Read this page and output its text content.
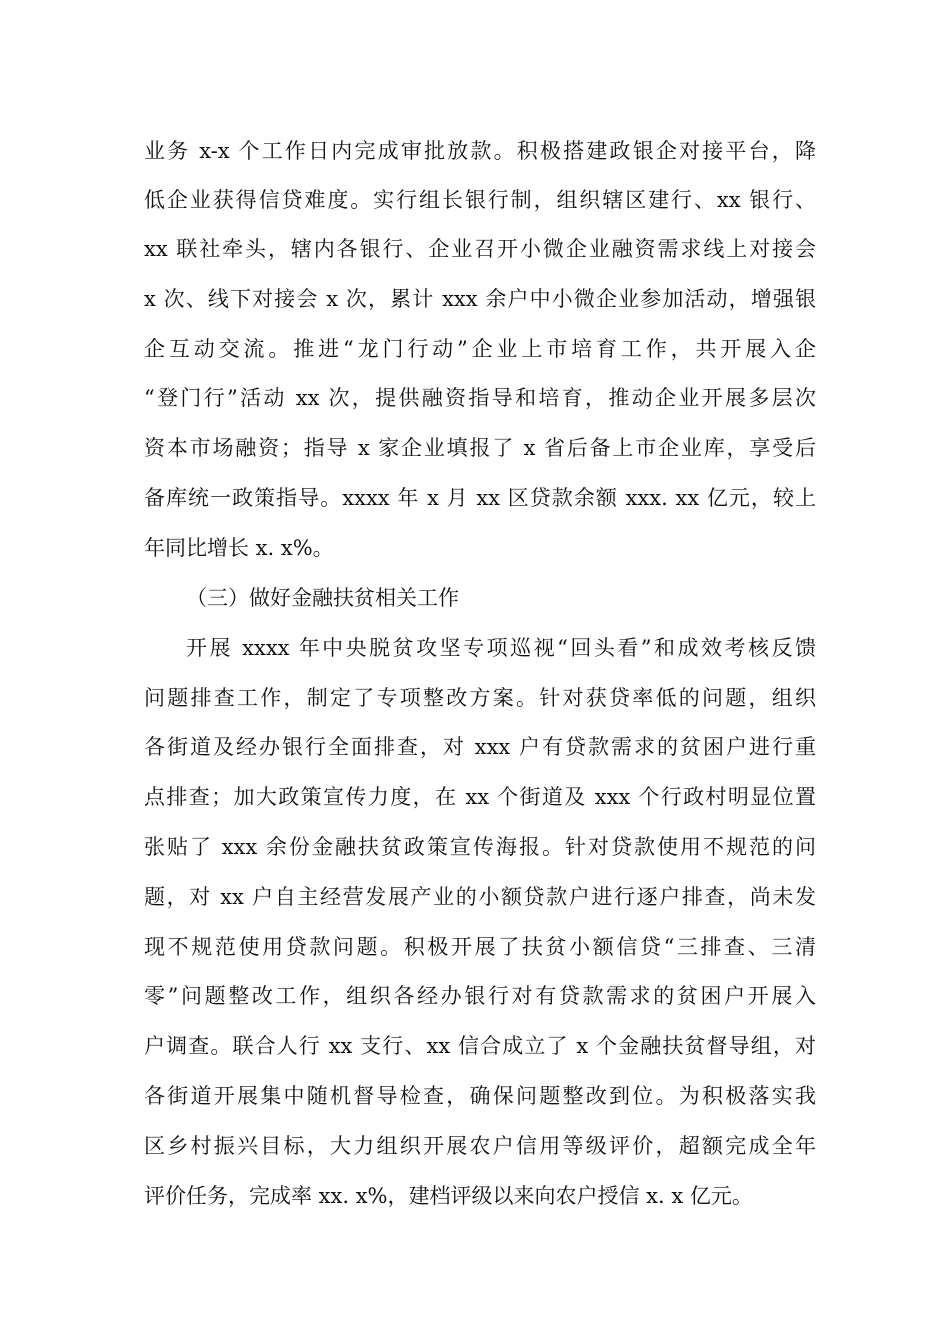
业务 x-x 个工作日内完成审批放款。积极搭建政银企对接平台，降
低企业获得信贷难度。实行组长银行制，组织辖区建行、xx 银行、
xx 联社牵头，辖内各银行、企业召开小微企业融资需求线上对接会
x 次、线下对接会 x 次，累计 xxx 余户中小微企业参加活动，增强银
企互动交流。推进“龙门行动”企业上市培育工作，共开展入企
“登门行”活动 xx 次，提供融资指导和培育，推动企业开展多层次
资本市场融资；指导 x 家企业填报了 x 省后备上市企业库，享受后
备库统一政策指导。xxxx 年 x 月 xx 区贷款余额 xxx. xx 亿元，较上
年同比增长 x. x%。
（三）做好金融扶贫相关工作
开展 xxxx 年中央脱贫攻坚专项巡视“回头看”和成效考核反馈
问题排查工作，制定了专项整改方案。针对获贷率低的问题，组织
各街道及经办银行全面排查，对 xxx 户有贷款需求的贫困户进行重
点排查；加大政策宣传力度，在 xx 个街道及 xxx 个行政村明显位置
张贴了 xxx 余份金融扶贫政策宣传海报。针对贷款使用不规范的问
题，对 xx 户自主经营发展产业的小额贷款户进行逐户排查，尚未发
现不规范使用贷款问题。积极开展了扶贫小额信贷“三排查、三清
零”问题整改工作，组织各经办银行对有贷款需求的贫困户开展入
户调查。联合人行 xx 支行、xx 信合成立了 x 个金融扶贫督导组，对
各街道开展集中随机督导检查，确保问题整改到位。为积极落实我
区乡村振兴目标，大力组织开展农户信用等级评价，超额完成全年
评价任务，完成率 xx. x%，建档评级以来向农户授信 x. x 亿元。
